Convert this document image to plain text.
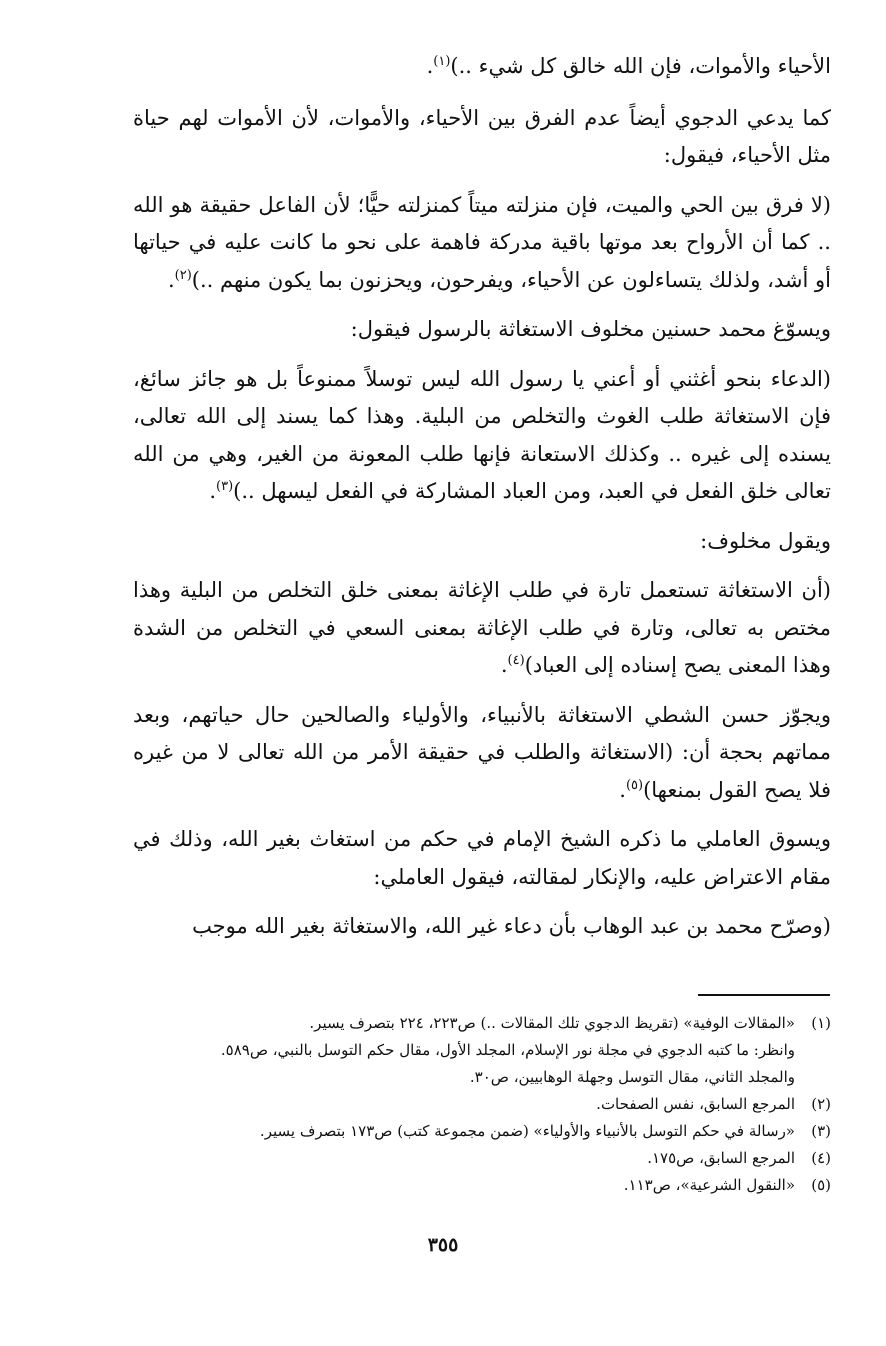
الأحياء والأموات، فإن الله خالق كل شيء ..)$^{(١)}$.

كما يدعي الدجوي أيضاً عدم الفرق بين الأحياء، والأموات، لأن الأموات لهم حياة مثل الأحياء، فيقول:

(لا فرق بين الحي والميت، فإن منزلته ميتاً كمنزلته حيًّا؛ لأن الفاعل حقيقة هو الله .. كما أن الأرواح بعد موتها باقية مدركة فاهمة على نحو ما كانت عليه في حياتها أو أشد، ولذلك يتساءلون عن الأحياء، ويفرحون، ويحزنون بما يكون منهم ..)$^{(٢)}$.

ويسوّغ محمد حسنين مخلوف الاستغاثة بالرسول فيقول:

(الدعاء بنحو أغثني أو أعني يا رسول الله ليس توسلاً ممنوعاً بل هو جائز سائغ، فإن الاستغاثة طلب الغوث والتخلص من البلية. وهذا كما يسند إلى الله تعالى، يسنده إلى غيره .. وكذلك الاستعانة فإنها طلب المعونة من الغير، وهي من الله تعالى خلق الفعل في العبد، ومن العباد المشاركة في الفعل ليسهل ..)$^{(٣)}$.

ويقول مخلوف:

(أن الاستغاثة تستعمل تارة في طلب الإغاثة بمعنى خلق التخلص من البلية وهذا مختص به تعالى، وتارة في طلب الإغاثة بمعنى السعي في التخلص من الشدة وهذا المعنى يصح إسناده إلى العباد)$^{(٤)}$.

ويجوّز حسن الشطي الاستغاثة بالأنبياء، والأولياء والصالحين حال حياتهم، وبعد مماتهم بحجة أن: (الاستغاثة والطلب في حقيقة الأمر من الله تعالى لا من غيره فلا يصح القول بمنعها)$^{(٥)}$.

ويسوق العاملي ما ذكره الشيخ الإمام في حكم من استغاث بغير الله، وذلك في مقام الاعتراض عليه، والإنكار لمقالته، فيقول العاملي:

(وصرّح محمد بن عبد الوهاب بأن دعاء غير الله، والاستغاثة بغير الله موجب

(١)
«المقالات الوفية» (تقريظ الدجوي تلك المقالات ..) ص٢٢٣، ٢٢٤ بتصرف يسير.
وانظر: ما كتبه الدجوي في مجلة نور الإسلام، المجلد الأول، مقال حكم التوسل بالنبي، ص٥٨٩.
والمجلد الثاني، مقال التوسل وجهلة الوهابيين، ص٣٠.
(٢)
المرجع السابق، نفس الصفحات.
(٣)
«رسالة في حكم التوسل بالأنبياء والأولياء» (ضمن مجموعة كتب) ص١٧٣ بتصرف يسير.
(٤)
المرجع السابق، ص١٧٥.
(٥)
«النقول الشرعية»، ص١١٣.
٣٥٥
